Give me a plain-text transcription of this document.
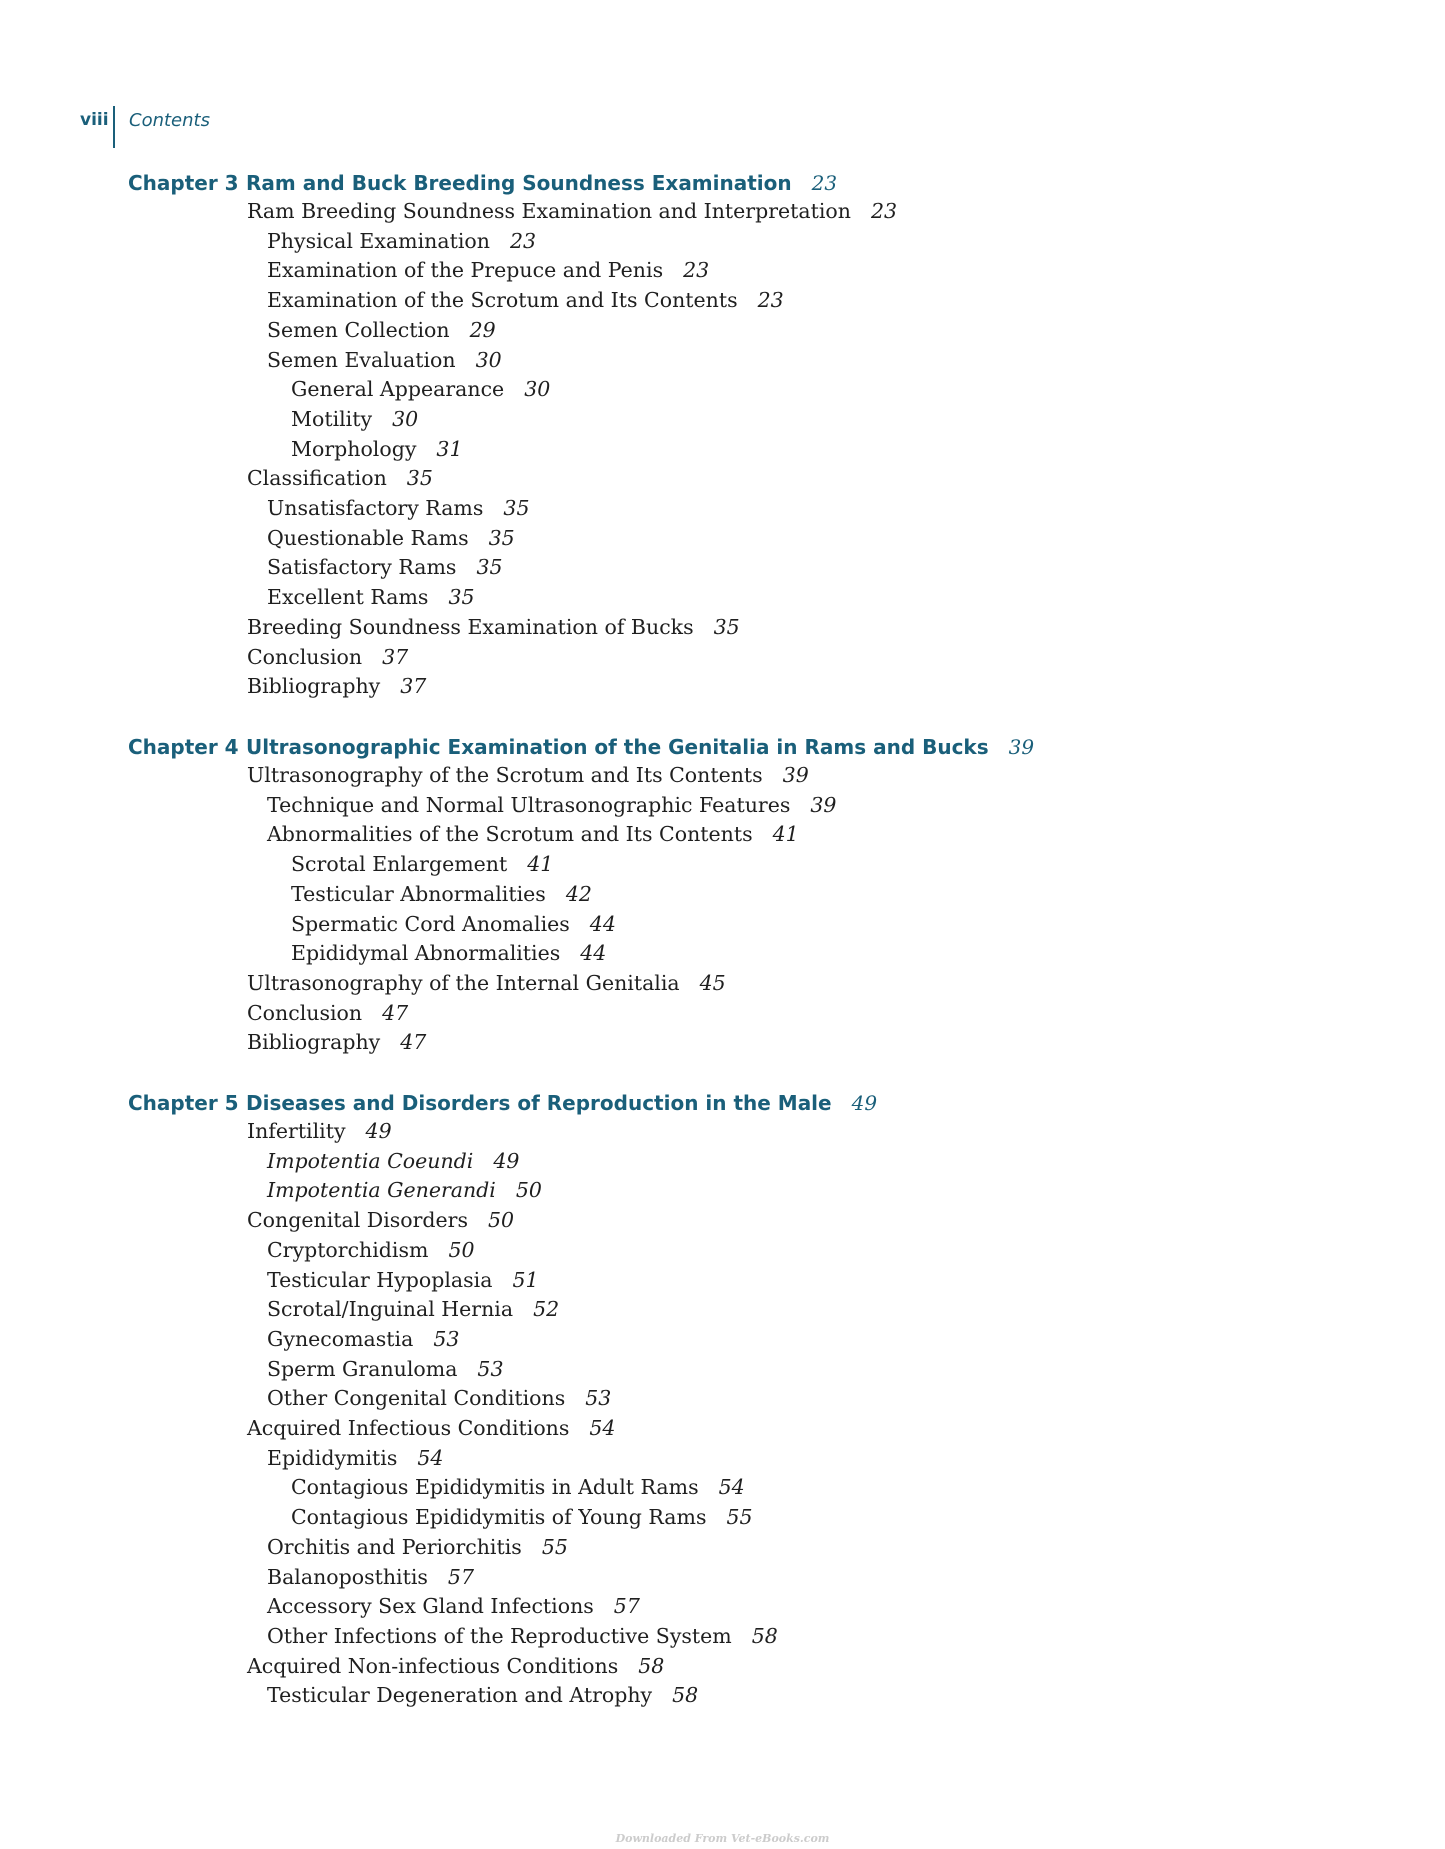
viii Contents
Chapter 3 Ram and Buck Breeding Soundness Examination 23
Ram Breeding Soundness Examination and Interpretation 23
Physical Examination 23
Examination of the Prepuce and Penis 23
Examination of the Scrotum and Its Contents 23
Semen Collection 29
Semen Evaluation 30
General Appearance 30
Motility 30
Morphology 31
Classification 35
Unsatisfactory Rams 35
Questionable Rams 35
Satisfactory Rams 35
Excellent Rams 35
Breeding Soundness Examination of Bucks 35
Conclusion 37
Bibliography 37
Chapter 4 Ultrasonographic Examination of the Genitalia in Rams and Bucks 39
Ultrasonography of the Scrotum and Its Contents 39
Technique and Normal Ultrasonographic Features 39
Abnormalities of the Scrotum and Its Contents 41
Scrotal Enlargement 41
Testicular Abnormalities 42
Spermatic Cord Anomalies 44
Epididymal Abnormalities 44
Ultrasonography of the Internal Genitalia 45
Conclusion 47
Bibliography 47
Chapter 5 Diseases and Disorders of Reproduction in the Male 49
Infertility 49
Impotentia Coeundi 49
Impotentia Generandi 50
Congenital Disorders 50
Cryptorchidism 50
Testicular Hypoplasia 51
Scrotal/Inguinal Hernia 52
Gynecomastia 53
Sperm Granuloma 53
Other Congenital Conditions 53
Acquired Infectious Conditions 54
Epididymitis 54
Contagious Epididymitis in Adult Rams 54
Contagious Epididymitis of Young Rams 55
Orchitis and Periorchitis 55
Balanoposthitis 57
Accessory Sex Gland Infections 57
Other Infections of the Reproductive System 58
Acquired Non-infectious Conditions 58
Testicular Degeneration and Atrophy 58
Downloaded From Vet-eBooks.com
